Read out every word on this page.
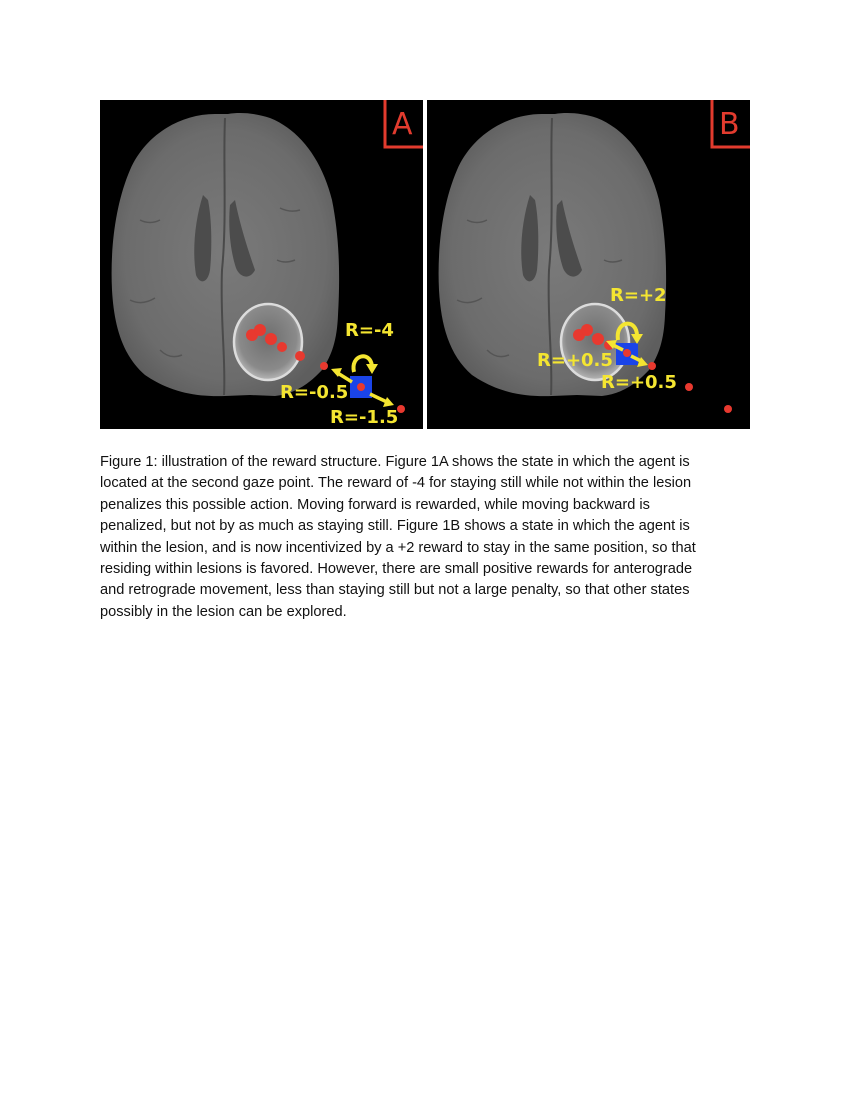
R=-4
R=-0.5
R=-1.5
A
R=+2
R=+0.5
R=+0.5
B

Figure 1: illustration of the reward structure. Figure 1A shows the state in which the agent is
located at the second gaze point. The reward of -4 for staying still while not within the lesion
penalizes this possible action. Moving forward is rewarded, while moving backward is
penalized, but not by as much as staying still. Figure 1B shows a state in which the agent is
within the lesion, and is now incentivized by a +2 reward to stay in the same position, so that
residing within lesions is favored. However, there are small positive rewards for anterograde
and retrograde movement, less than staying still but not a large penalty, so that other states
possibly in the lesion can be explored.
